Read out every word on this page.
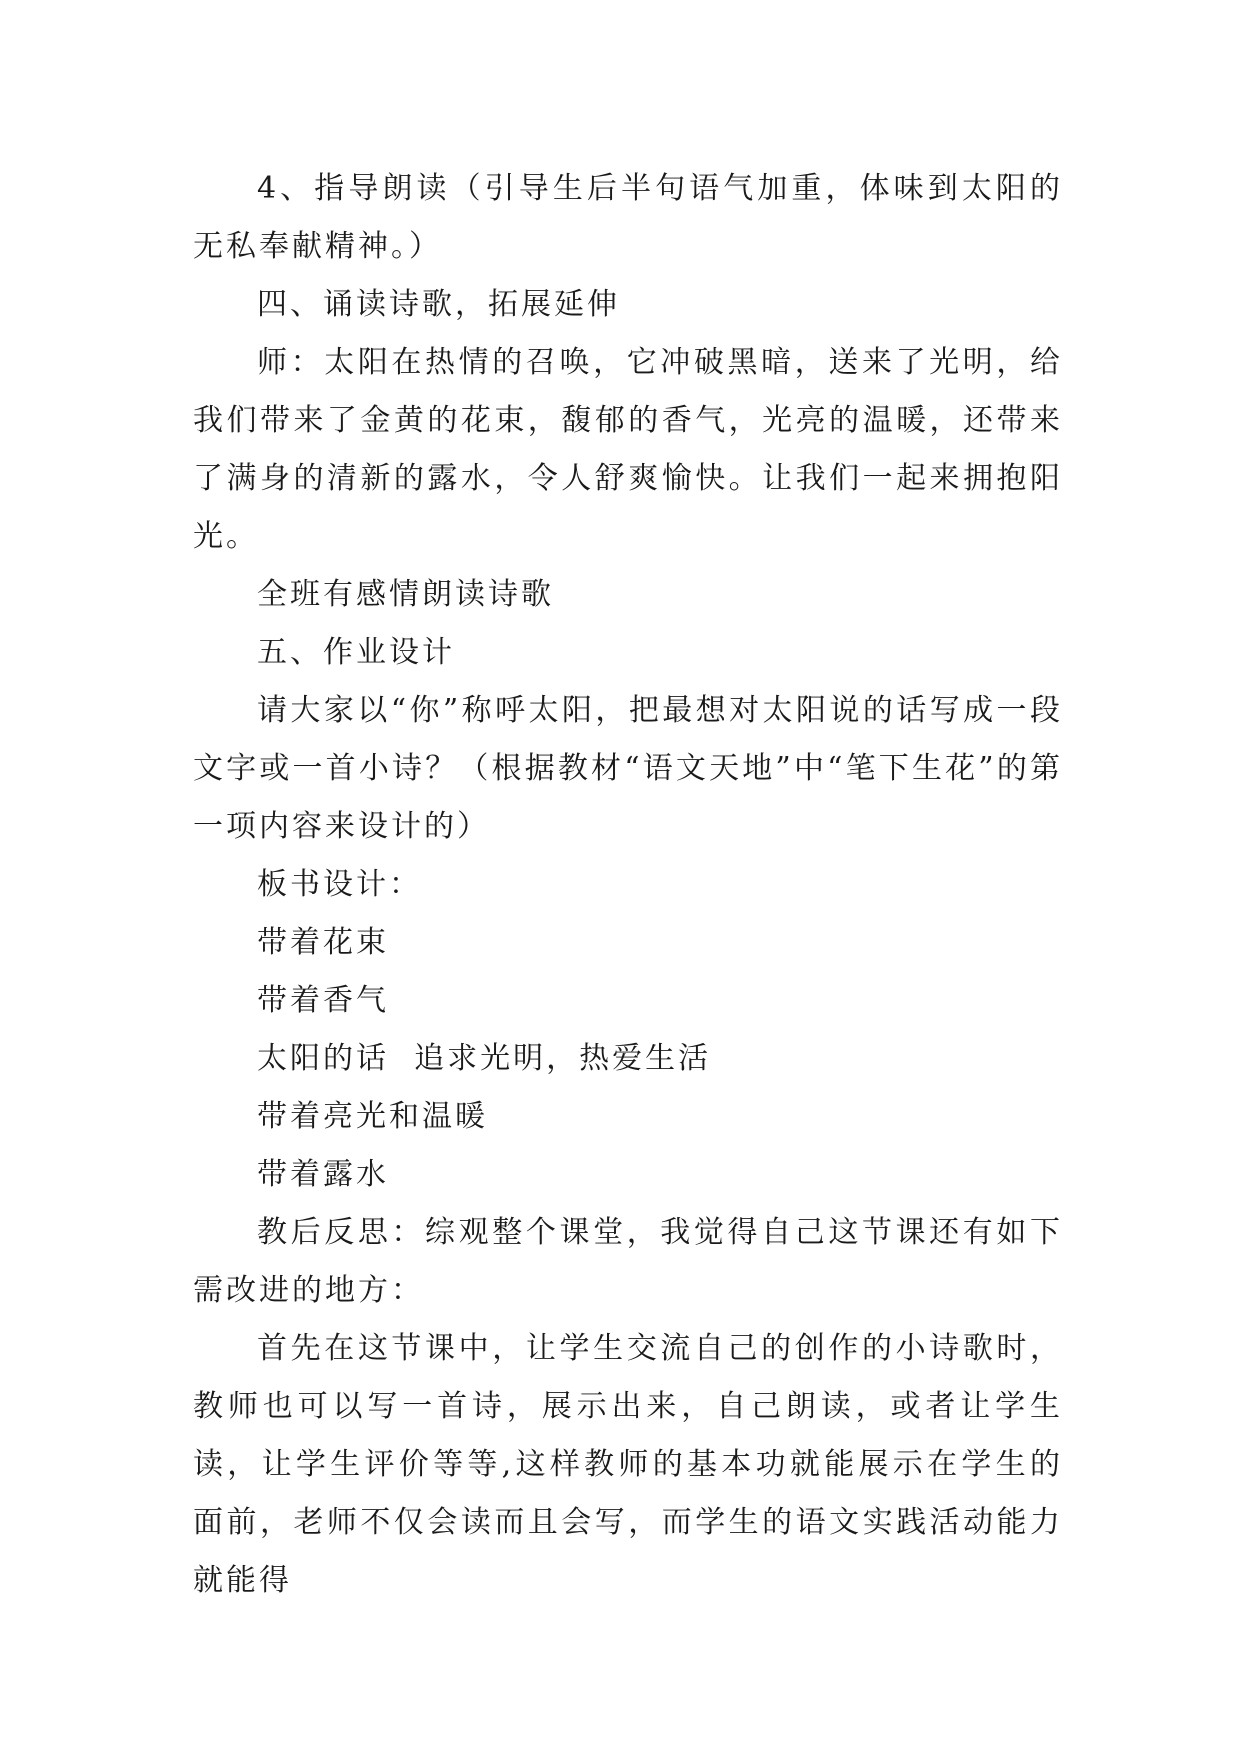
4、指导朗读（引导生后半句语气加重，体味到太阳的无私奉献精神。）

四、诵读诗歌，拓展延伸

师：太阳在热情的召唤，它冲破黑暗，送来了光明，给我们带来了金黄的花束，馥郁的香气，光亮的温暖，还带来了满身的清新的露水，令人舒爽愉快。让我们一起来拥抱阳光。

全班有感情朗读诗歌

五、作业设计

请大家以“你”称呼太阳，把最想对太阳说的话写成一段文字或一首小诗？（根据教材“语文天地”中“笔下生花”的第一项内容来设计的）

板书设计：

带着花束

带着香气

太阳的话  追求光明，热爱生活

带着亮光和温暖

带着露水

教后反思：综观整个课堂，我觉得自己这节课还有如下需改进的地方：

首先在这节课中，让学生交流自己的创作的小诗歌时，教师也可以写一首诗，展示出来，自己朗读，或者让学生读，让学生评价等等,这样教师的基本功就能展示在学生的面前，老师不仅会读而且会写，而学生的语文实践活动能力就能得
